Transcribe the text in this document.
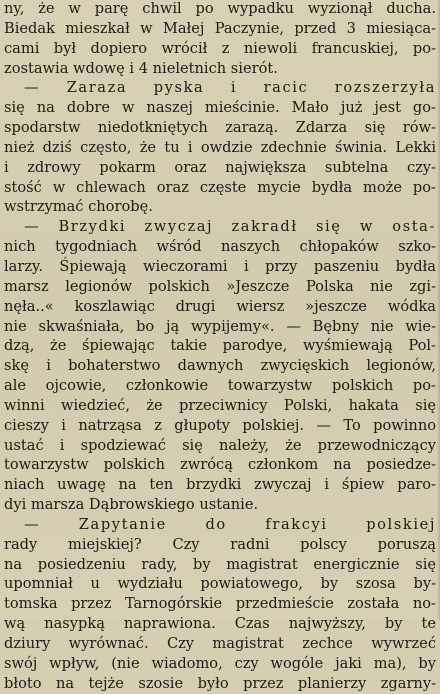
ny, że w parę chwil po wypadku wyzionął ducha.
Biedak mieszkał w Małej Paczynie, przed 3 miesiąca-
cami był dopiero wrócił z niewoli francuskiej, po-
zostawia wdowę i 4 nieletnich sierót.
— Zaraza pyska i racic rozszerzyła
się na dobre w naszej mieścinie. Mało już jest go-
spodarstw niedotkniętych zarazą. Zdarza się rów-
nież dziś często, że tu i owdzie zdechnie świnia. Lekki
i zdrowy pokarm oraz największa subtelna czy-
stość w chlewach oraz częste mycie bydła może po-
wstrzymać chorobę.
— Brzydki zwyczaj zakradł się w osta-
nich tygodniach wśród naszych chłopaków szko-
larzy. Śpiewają wieczorami i przy paszeniu bydła
marsz legionów polskich »Jeszcze Polska nie zgi-
nęła..« koszlawiąc drugi wiersz »jeszcze wódka
nie skwaśniała, bo ją wypijemy«. — Bębny nie wie-
dzą, że śpiewając takie parodye, wyśmiewają Pol-
skę i bohaterstwo dawnych zwycięskich legionów,
ale ojcowie, członkowie towarzystw polskich po-
winni wiedzieć, że przeciwnicy Polski, hakata się
cieszy i natrząsa z głupoty polskiej. — To powinno
ustać i spodziewać się należy, że przewodniczący
towarzystw polskich zwrócą członkom na posiedze-
niach uwagę na ten brzydki zwyczaj i śpiew paro-
dyi marsza Dąbrowskiego ustanie.
— Zapytanie do frakcyi polskiej
rady miejskiej? Czy radni polscy poruszą
na posiedzeniu rady, by magistrat energicznie się
upomniał u wydziału powiatowego, by szosa by-
tomska przez Tarnogórskie przedmieście została no-
wą nasypką naprawiona. Czas najwyższy, by te
dziury wyrównać. Czy magistrat zechce wywrzeć
swój wpływ, (nie wiadomo, czy wogóle jaki ma), by
błoto na tejże szosie było przez planierzy zgarny-
